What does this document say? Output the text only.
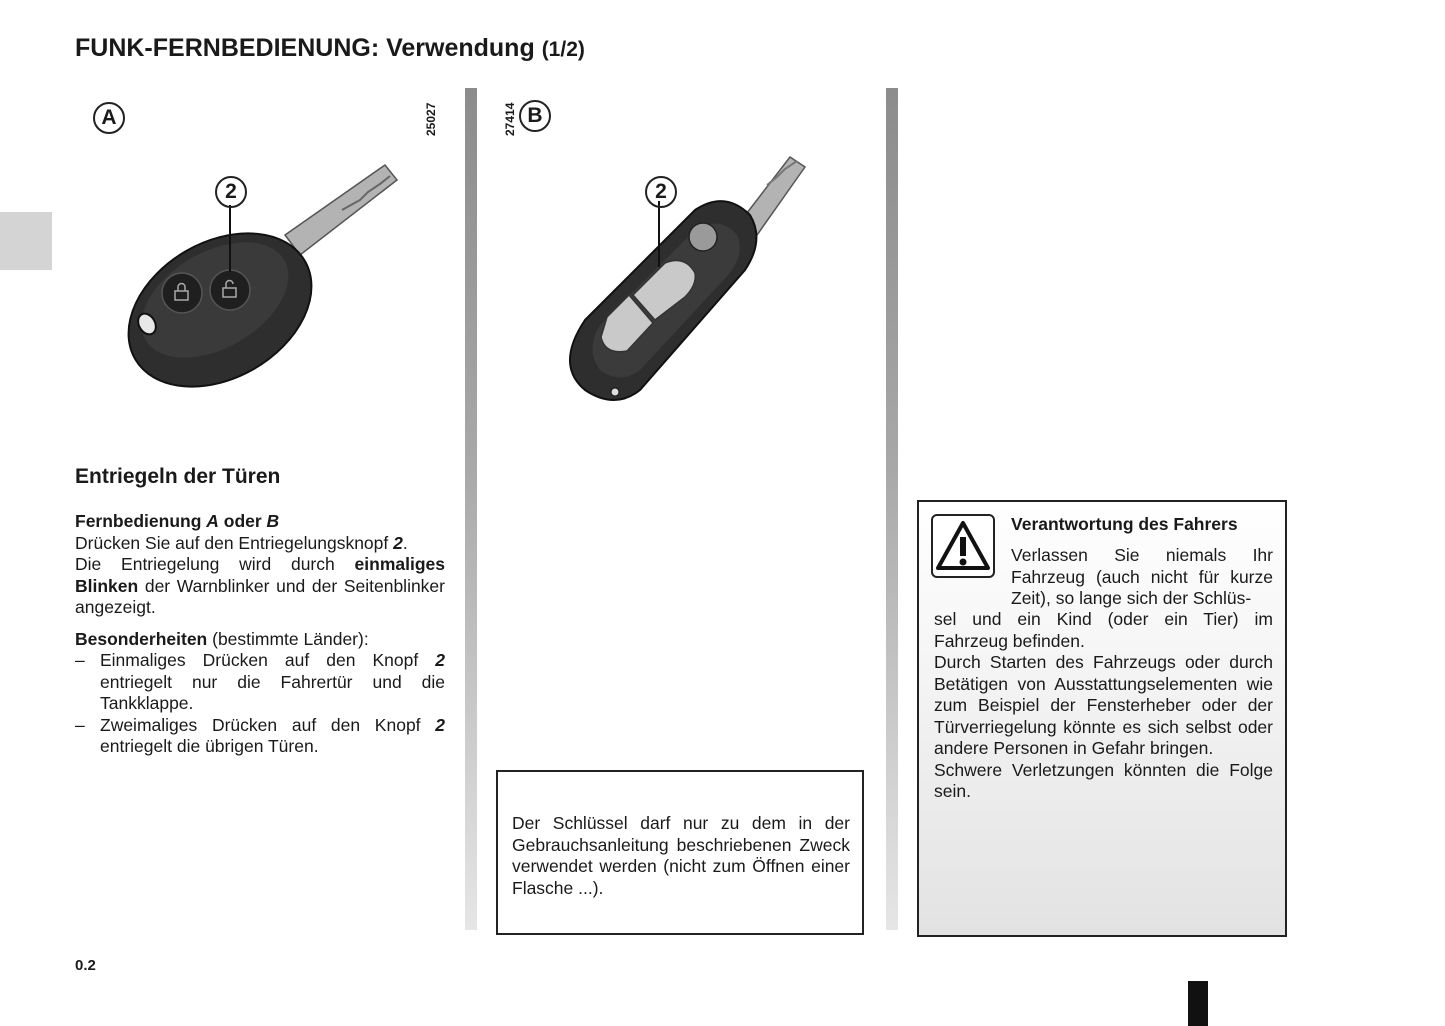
FUNK-FERNBEDIENUNG: Verwendung (1/2)
A	25027
2
27414 B
2
Entriegeln der Türen
Fernbedienung A oder B
Drücken Sie auf den Entriegelungsknopf 2.
Die Entriegelung wird durch einmaliges Blinken der Warnblinker und der Seitenblinker angezeigt.
Besonderheiten (bestimmte Länder):
– Einmaliges Drücken auf den Knopf 2 entriegelt nur die Fahrertür und die Tankklappe.
– Zweimaliges Drücken auf den Knopf 2 entriegelt die übrigen Türen.
Der Schlüssel darf nur zu dem in der Gebrauchsanleitung beschriebenen Zweck verwendet werden (nicht zum Öffnen einer Flasche ...).
Verantwortung des Fahrers
Verlassen Sie niemals Ihr Fahrzeug (auch nicht für kurze Zeit), so lange sich der Schlüs-
sel und ein Kind (oder ein Tier) im Fahrzeug befinden.
Durch Starten des Fahrzeugs oder durch Betätigen von Ausstattungselementen wie zum Beispiel der Fensterheber oder der Türverriegelung könnte es sich selbst oder andere Personen in Gefahr bringen.
Schwere Verletzungen könnten die Folge sein.
0.2
